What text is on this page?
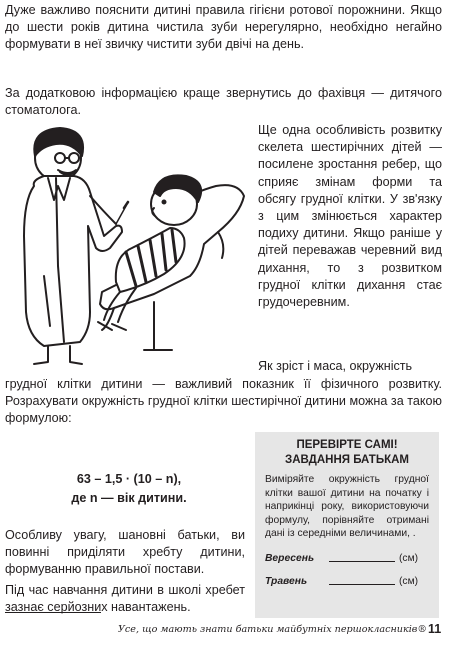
Дуже важливо пояснити дитині правила гігієни ротової порожнини. Якщо до шести років дитина чистила зуби нерегулярно, необхідно негайно формувати в неї звичку чистити зуби двічі на день.

За додатковою інформацією краще звернутись до фахівця — дитячого стоматолога.

Ще одна особливість розвитку скелета шестирічних дітей — посилене зростання ребер, що сприяє змінам форми та обсягу грудної клітки. У зв'язку з цим змінюється характер подиху дитини. Якщо раніше у дітей переважав черевний вид дихання, то з розвитком грудної клітки дихання стає грудочеревним.

Як зріст і маса, окружність

грудної клітки дитини — важливий показник її фізичного розвитку. Розрахувати окружність грудної клітки шестирічної дитини можна за такою формулою:

63 – 1,5 · (10 – n),
де n — вік дитини.
ПЕРЕВІРТЕ САМІ!
ЗАВДАННЯ БАТЬКАМ

Виміряйте окружність грудної клітки вашої дитини на початку і наприкінці року, використовуючи формулу, порівняйте отримані дані із середніми величинами, .

Вересень	(см)
Травень	(см)

Особливу увагу, шановні батьки, ви повинні приділяти хребту дитини, формуванню правильної постави.

Під час навчання дитини в школі хребет зазнає серйозних навантажень.

Усе, що мають знати батьки майбутніх першокласників® 11
